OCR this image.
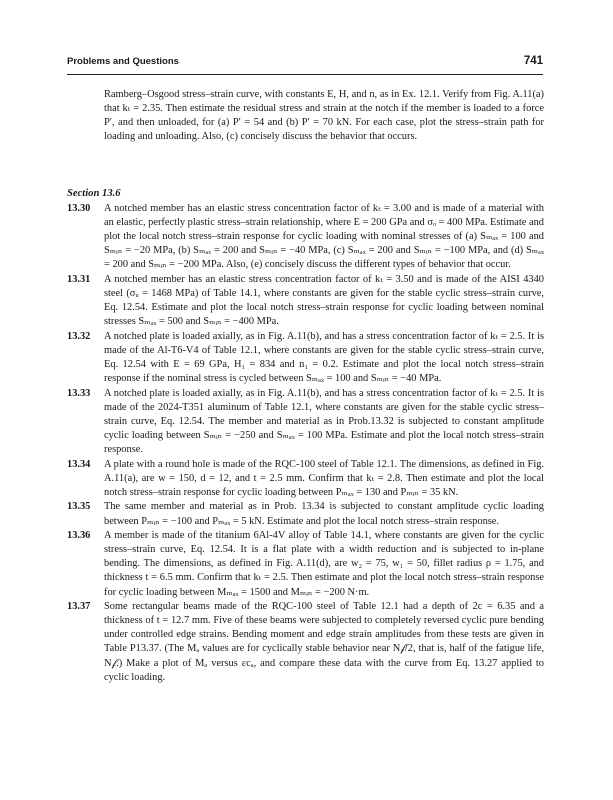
Problems and Questions	741

Ramberg–Osgood stress–strain curve, with constants E, H, and n, as in Ex. 12.1. Verify from Fig. A.11(a) that kₜ = 2.35. Then estimate the residual stress and strain at the notch if the member is loaded to a force P′, and then unloaded, for (a) P′ = 54 and (b) P′ = 70 kN. For each case, plot the stress–strain path for loading and unloading. Also, (c) concisely discuss the behavior that occurs.

Section 13.6
13.30 A notched member has an elastic stress concentration factor of kₜ = 3.00 and is made of a material with an elastic, perfectly plastic stress–strain relationship, where E = 200 GPa and σₒ = 400 MPa. Estimate and plot the local notch stress–strain response for cyclic loading with nominal stresses of (a) Sₘₐₓ = 100 and Sₘᵢₙ = −20 MPa, (b) Sₘₐₓ = 200 and Sₘᵢₙ = −40 MPa, (c) Sₘₐₓ = 200 and Sₘᵢₙ = −100 MPa, and (d) Sₘₐₓ = 200 and Sₘᵢₙ = −200 MPa. Also, (e) concisely discuss the different types of behavior that occur.
13.31 A notched member has an elastic stress concentration factor of kₜ = 3.50 and is made of the AISI 4340 steel (σᵤ = 1468 MPa) of Table 14.1, where constants are given for the stable cyclic stress–strain curve, Eq. 12.54. Estimate and plot the local notch stress–strain response for cyclic loading between nominal stresses Sₘₐₓ = 500 and Sₘᵢₙ = −400 MPa.
13.32 A notched plate is loaded axially, as in Fig. A.11(b), and has a stress concentration factor of kₜ = 2.5. It is made of the Al-T6-V4 of Table 12.1, where constants are given for the stable cyclic stress–strain curve, Eq. 12.54 with E = 69 GPa, H₁ = 834 and n₁ = 0.2. Estimate and plot the local notch stress–strain response if the nominal stress is cycled between Sₘₐₓ = 100 and Sₘᵢₙ = −40 MPa.
13.33 A notched plate is loaded axially, as in Fig. A.11(b), and has a stress concentration factor of kₜ = 2.5. It is made of the 2024-T351 aluminum of Table 12.1, where constants are given for the stable cyclic stress–strain curve, Eq. 12.54. The member and material as in Prob.13.32 is subjected to constant amplitude cyclic loading between Sₘᵢₙ = −250 and Sₘₐₓ = 100 MPa. Estimate and plot the local notch stress–strain response.
13.34 A plate with a round hole is made of the RQC-100 steel of Table 12.1. The dimensions, as defined in Fig. A.11(a), are w = 150, d = 12, and t = 2.5 mm. Confirm that kₜ = 2.8. Then estimate and plot the local notch stress–strain response for cyclic loading between Pₘₐₓ = 130 and Pₘᵢₙ = 35 kN.
13.35 The same member and material as in Prob. 13.34 is subjected to constant amplitude cyclic loading between Pₘᵢₙ = −100 and Pₘₐₓ = 5 kN. Estimate and plot the local notch stress–strain response.
13.36 A member is made of the titanium 6Al-4V alloy of Table 14.1, where constants are given for the cyclic stress–strain curve, Eq. 12.54. It is a flat plate with a width reduction and is subjected to in-plane bending. The dimensions, as defined in Fig. A.11(d), are w₂ = 75, w₁ = 50, fillet radius ρ = 1.75, and thickness t = 6.5 mm. Confirm that kₜ = 2.5. Then estimate and plot the local notch stress–strain response for cyclic loading between Mₘₐₓ = 1500 and Mₘᵢₙ = −200 N·m.
13.37 Some rectangular beams made of the RQC-100 steel of Table 12.1 had a depth of 2c = 6.35 and a thickness of t = 12.7 mm. Five of these beams were subjected to completely reversed cyclic pure bending under controlled edge strains. Bending moment and edge strain amplitudes from these tests are given in Table P13.37. (The Mₐ values are for cyclically stable behavior near N𝒻/2, that is, half of the fatigue life, N𝒻.) Make a plot of Mₐ versus εcₐ, and compare these data with the curve from Eq. 13.27 applied to cyclic loading.
